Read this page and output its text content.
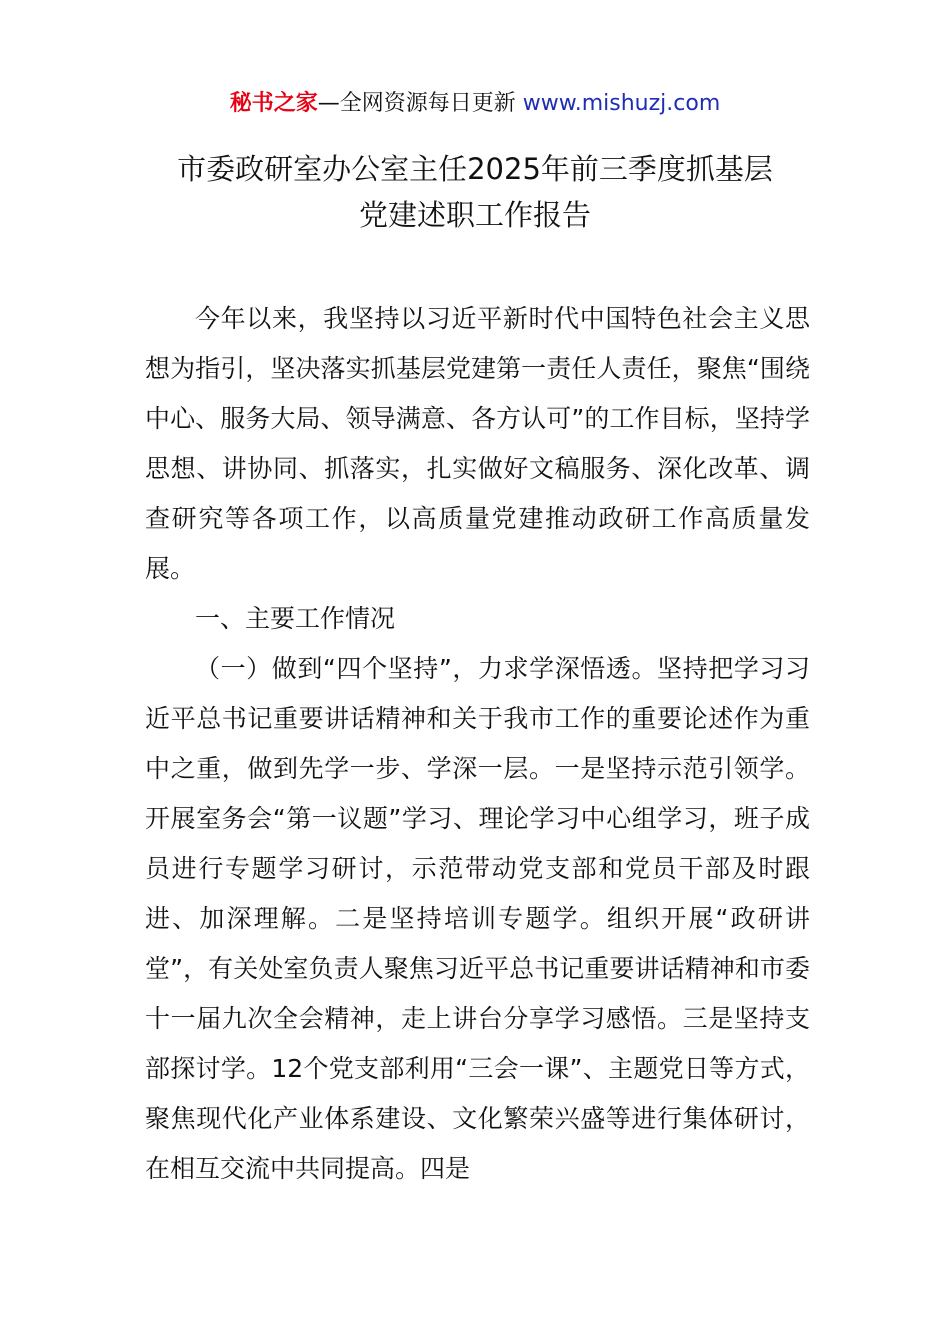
秘书之家—全网资源每日更新 www.mishuzj.com
市委政研室办公室主任2025年前三季度抓基层
党建述职工作报告

今年以来，我坚持以习近平新时代中国特色社会主义思想为指引，坚决落实抓基层党建第一责任人责任，聚焦“围绕中心、服务大局、领导满意、各方认可”的工作目标，坚持学思想、讲协同、抓落实，扎实做好文稿服务、深化改革、调查研究等各项工作，以高质量党建推动政研工作高质量发展。

一、主要工作情况

（一）做到“四个坚持”，力求学深悟透。坚持把学习习近平总书记重要讲话精神和关于我市工作的重要论述作为重中之重，做到先学一步、学深一层。一是坚持示范引领学。开展室务会“第一议题”学习、理论学习中心组学习，班子成员进行专题学习研讨，示范带动党支部和党员干部及时跟进、加深理解。二是坚持培训专题学。组织开展“政研讲堂”，有关处室负责人聚焦习近平总书记重要讲话精神和市委十一届九次全会精神，走上讲台分享学习感悟。三是坚持支部探讨学。12个党支部利用“三会一课”、主题党日等方式，聚焦现代化产业体系建设、文化繁荣兴盛等进行集体研讨，在相互交流中共同提高。四是
